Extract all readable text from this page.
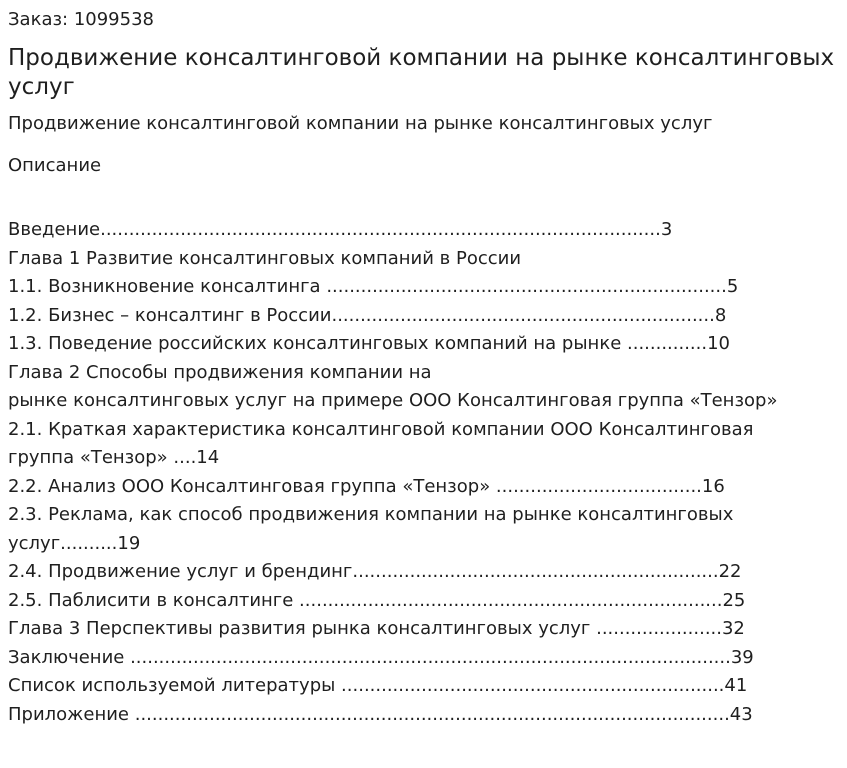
Заказ: 1099538

Продвижение консалтинговой компании на рынке консалтинговых услуг

Продвижение консалтинговой компании на рынке консалтинговых услуг

Описание

Введение..................................................................................................3
Глава 1 Развитие консалтинговых компаний в России
1.1. Возникновение консалтинга ......................................................................5
1.2. Бизнес – консалтинг в России...................................................................8
1.3. Поведение российских консалтинговых компаний на рынке ..............10
Глава 2 Способы продвижения компании на
рынке консалтинговых услуг на примере ООО Консалтинговая группа «Тензор»
2.1. Краткая характеристика консалтинговой компании ООО Консалтинговая
группа «Тензор» ....14
2.2. Анализ ООО Консалтинговая группа «Тензор» ....................................16
2.3. Реклама, как способ продвижения компании на рынке консалтинговых
услуг..........19
2.4. Продвижение услуг и брендинг................................................................22
2.5. Паблисити в консалтинге ..........................................................................25
Глава 3 Перспективы развития рынка консалтинговых услуг ......................32
Заключение .........................................................................................................39
Список используемой литературы ...................................................................41
Приложение ........................................................................................................43
